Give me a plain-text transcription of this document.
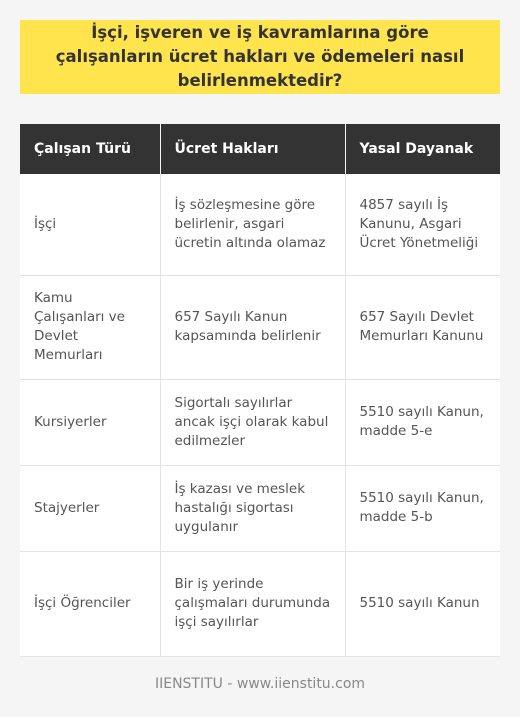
İşçi, işveren ve iş kavramlarına göre çalışanların ücret hakları ve ödemeleri nasıl belirlenmektedir?
Çalışan Türü	Ücret Hakları	Yasal Dayanak
İşçi	İş sözleşmesine göre belirlenir, asgari ücretin altında olamaz	4857 sayılı İş Kanunu, Asgari Ücret Yönetmeliği
Kamu Çalışanları ve Devlet Memurları	657 Sayılı Kanun kapsamında belirlenir	657 Sayılı Devlet Memurları Kanunu
Kursiyerler	Sigortalı sayılırlar ancak işçi olarak kabul edilmezler	5510 sayılı Kanun, madde 5-e
Stajyerler	İş kazası ve meslek hastalığı sigortası uygulanır	5510 sayılı Kanun, madde 5-b
İşçi Öğrenciler	Bir iş yerinde çalışmaları durumunda işçi sayılırlar	5510 sayılı Kanun
IIENSTITU - www.iienstitu.com
